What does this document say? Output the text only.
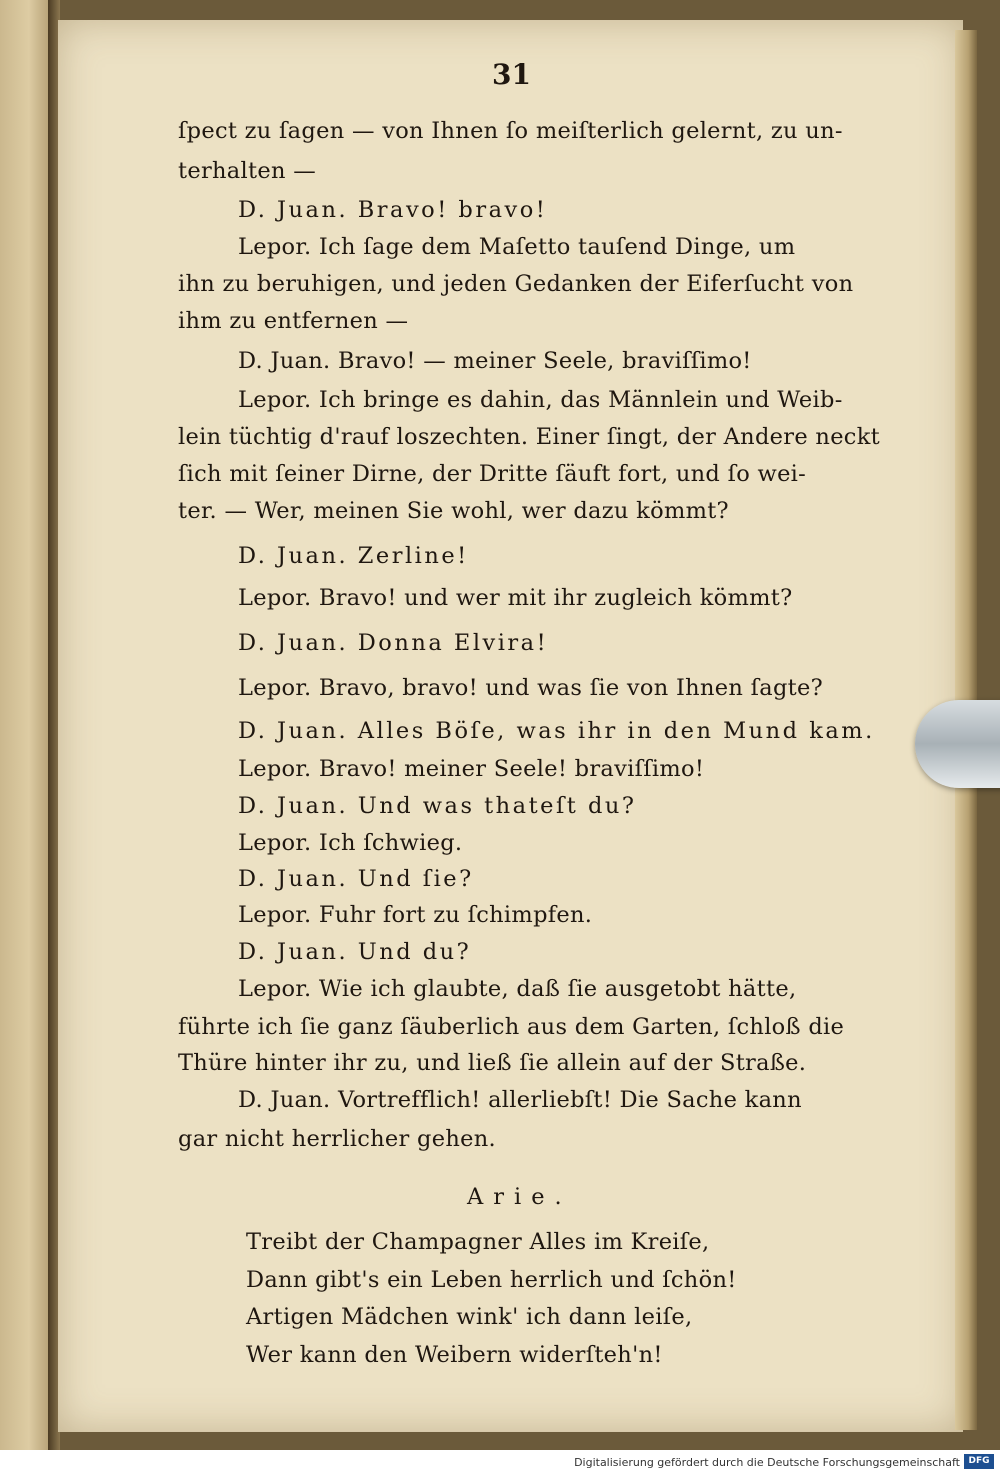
31
ſpect zu ſagen — von Ihnen ſo meiſterlich gelernt, zu un-
terhalten —
D. Juan. Bravo! bravo!
Lepor. Ich ſage dem Maſetto tauſend Dinge, um
ihn zu beruhigen, und jeden Gedanken der Eiferſucht von
ihm zu entfernen —
D. Juan. Bravo! — meiner Seele, braviſſimo!
Lepor. Ich bringe es dahin, das Männlein und Weib-
lein tüchtig d'rauf loszechten. Einer ſingt, der Andere neckt
ſich mit ſeiner Dirne, der Dritte ſäuft fort, und ſo wei-
ter. — Wer, meinen Sie wohl, wer dazu kömmt?
D. Juan. Zerline!
Lepor. Bravo! und wer mit ihr zugleich kömmt?
D. Juan. Donna Elvira!
Lepor. Bravo, bravo! und was ſie von Ihnen ſagte?
D. Juan. Alles Böſe, was ihr in den Mund kam.
Lepor. Bravo! meiner Seele! braviſſimo!
D. Juan. Und was thateſt du?
Lepor. Ich ſchwieg.
D. Juan. Und ſie?
Lepor. Fuhr fort zu ſchimpfen.
D. Juan. Und du?
Lepor. Wie ich glaubte, daß ſie ausgetobt hätte,
führte ich ſie ganz ſäuberlich aus dem Garten, ſchloß die
Thüre hinter ihr zu, und ließ ſie allein auf der Straße.
D. Juan. Vortrefflich! allerliebſt! Die Sache kann
gar nicht herrlicher gehen.
Arie.
Treibt der Champagner Alles im Kreiſe,
Dann gibt's ein Leben herrlich und ſchön!
Artigen Mädchen wink' ich dann leiſe,
Wer kann den Weibern widerſteh'n!
Digitalisierung gefördert durch die Deutsche Forschungsgemeinschaft DFG
